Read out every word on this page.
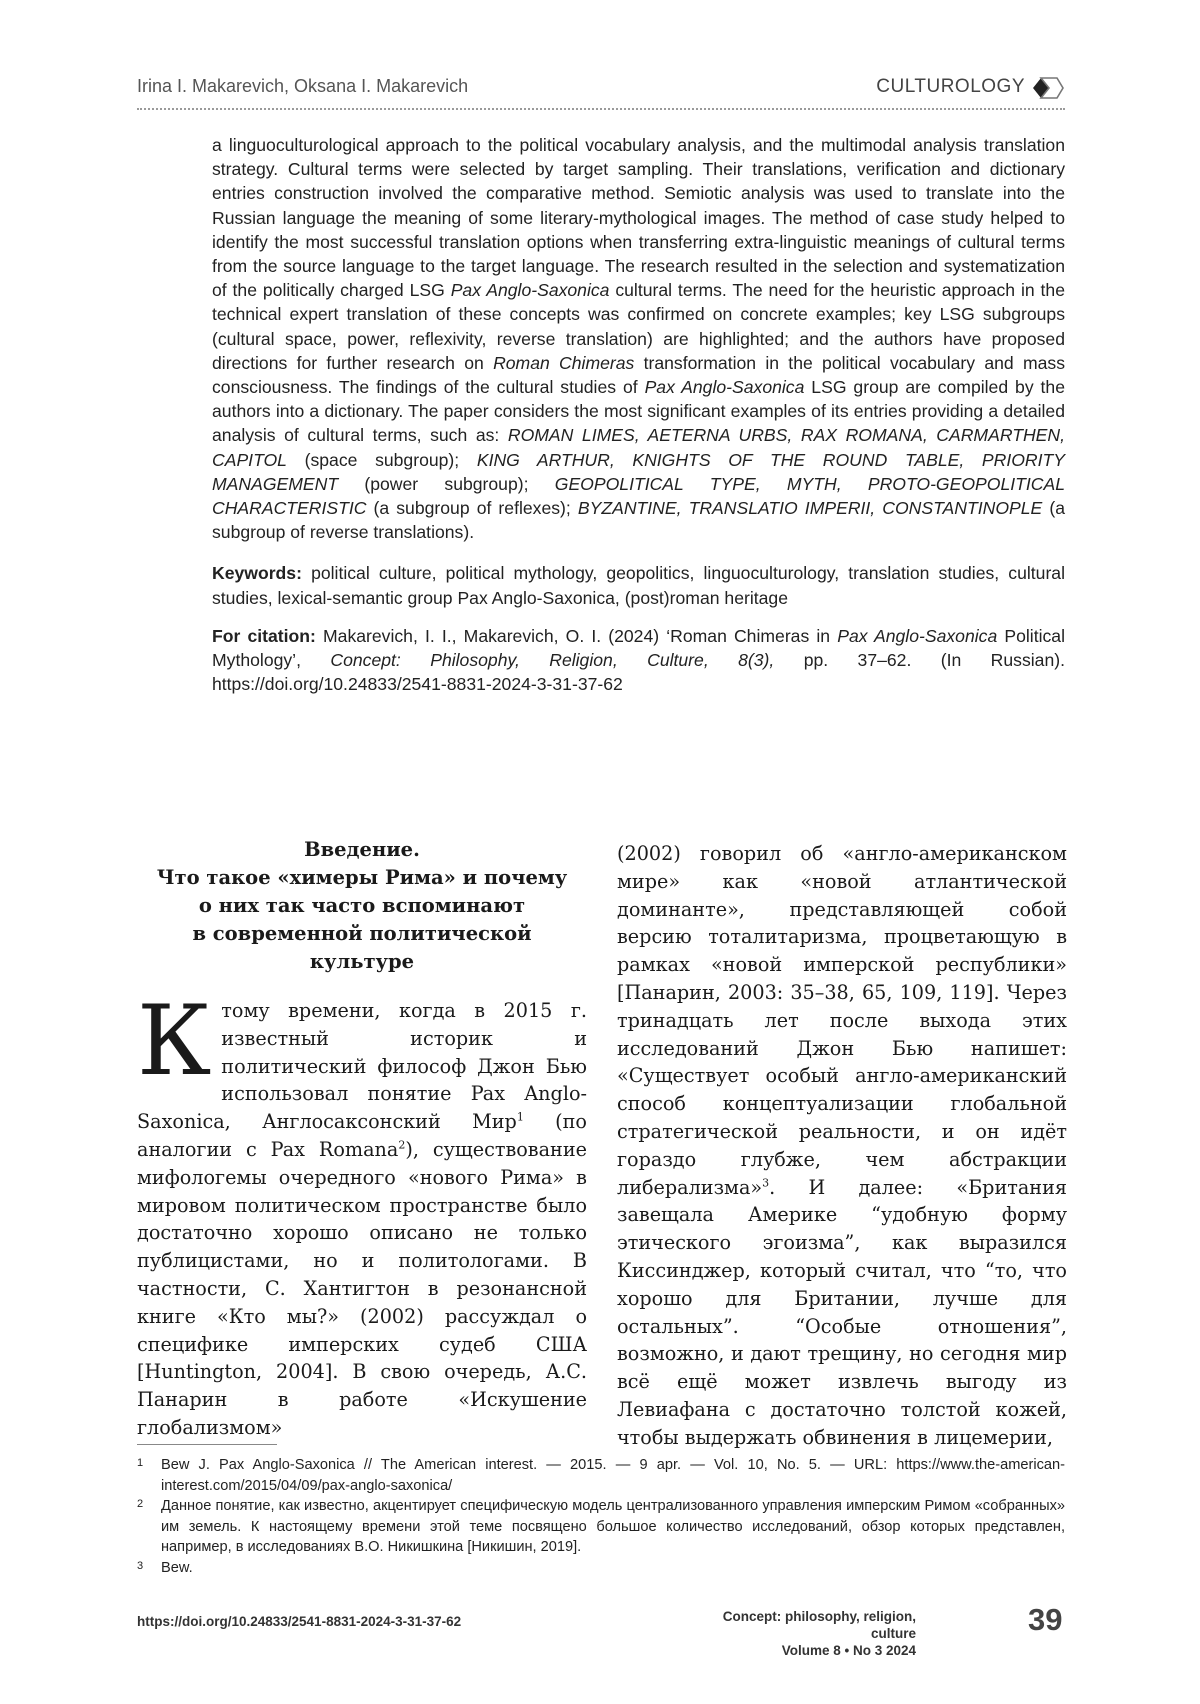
Irina I. Makarevich, Oksana I. Makarevich	CULTUROLOGY

a linguoculturological approach to the political vocabulary analysis, and the multimodal analysis translation strategy. Cultural terms were selected by target sampling. Their translations, verification and dictionary entries construction involved the comparative method. Semiotic analysis was used to translate into the Russian language the meaning of some literary-mythological images. The method of case study helped to identify the most successful translation options when transferring extra-linguistic meanings of cultural terms from the source language to the target language. The research resulted in the selection and systematization of the politically charged LSG Pax Anglo-Saxonica cultural terms. The need for the heuristic approach in the technical expert translation of these concepts was confirmed on concrete examples; key LSG subgroups (cultural space, power, reflexivity, reverse translation) are highlighted; and the authors have proposed directions for further research on Roman Chimeras transformation in the political vocabulary and mass consciousness. The findings of the cultural studies of Pax Anglo-Saxonica LSG group are compiled by the authors into a dictionary. The paper considers the most significant examples of its entries providing a detailed analysis of cultural terms, such as: ROMAN LIMES, AETERNA URBS, RAX ROMANA, CARMARTHEN, CAPITOL (space subgroup); KING ARTHUR, KNIGHTS OF THE ROUND TABLE, PRIORITY MANAGEMENT (power subgroup); GEOPOLITICAL TYPE, MYTH, PROTO-GEOPOLITICAL CHARACTERISTIC (a subgroup of reflexes); BYZANTINE, TRANSLATIO IMPERII, CONSTANTINOPLE (a subgroup of reverse translations).

Keywords: political culture, political mythology, geopolitics, linguoculturology, translation studies, cultural studies, lexical-semantic group Pax Anglo-Saxonica, (post)roman heritage

For citation: Makarevich, I. I., Makarevich, O. I. (2024) ‘Roman Chimeras in Pax Anglo-Saxonica Political Mythology’, Concept: Philosophy, Religion, Culture, 8(3), pp. 37–62. (In Russian). https://doi.org/10.24833/2541-8831-2024-3-31-37-62

Введение.
Что такое «химеры Рима» и почему
о них так часто вспоминают
в современной политической
культуре

Ктому времени, когда в 2015 г. известный историк и политический философ Джон Бью использовал понятие Pax Anglo-Saxonica, Англосаксонский Мир$^1$ (по аналогии с Pax Romana$^2$), существование мифологемы очередного «нового Рима» в мировом политическом пространстве было достаточно хорошо описано не только публицистами, но и политологами. В частности, С. Хантигтон в резонансной книге «Кто мы?» (2002) рассуждал о специфике имперских судеб США [Huntington, 2004]. В свою очередь, А.С. Панарин в работе «Искушение глобализмом»

(2002) говорил об «англо-американском мире» как «новой атлантической доминанте», представляющей собой версию тоталитаризма, процветающую в рамках «новой имперской республики» [Панарин, 2003: 35–38, 65, 109, 119]. Через тринадцать лет после выхода этих исследований Джон Бью напишет: «Существует особый англо-американский способ концептуализации глобальной стратегической реальности, и он идёт гораздо глубже, чем абстракции либерализма»$^3$. И далее: «Британия завещала Америке “удобную форму этического эгоизма”, как выразился Киссинджер, который считал, что “то, что хорошо для Британии, лучше для остальных”. “Особые отношения”, возможно, и дают трещину, но сегодня мир всё ещё может извлечь выгоду из Левиафана с достаточно толстой кожей, чтобы выдержать обвинения в лицемерии,

1	Bew J. Pax Anglo-Saxonica // The American interest. — 2015. — 9 apr. — Vol. 10, No. 5. — URL: https://www.the-american-interest.com/2015/04/09/pax-anglo-saxonica/
2	Данное понятие, как известно, акцентирует специфическую модель централизованного управления имперским Римом «собранных» им земель. К настоящему времени этой теме посвящено большое количество исследований, обзор которых представлен, например, в исследованиях В.О. Никишкина [Никишин, 2019].
3	Bew.
https://doi.org/10.24833/2541-8831-2024-3-31-37-62	Concept: philosophy, religion, culture
Volume 8 • No 3 2024
39
